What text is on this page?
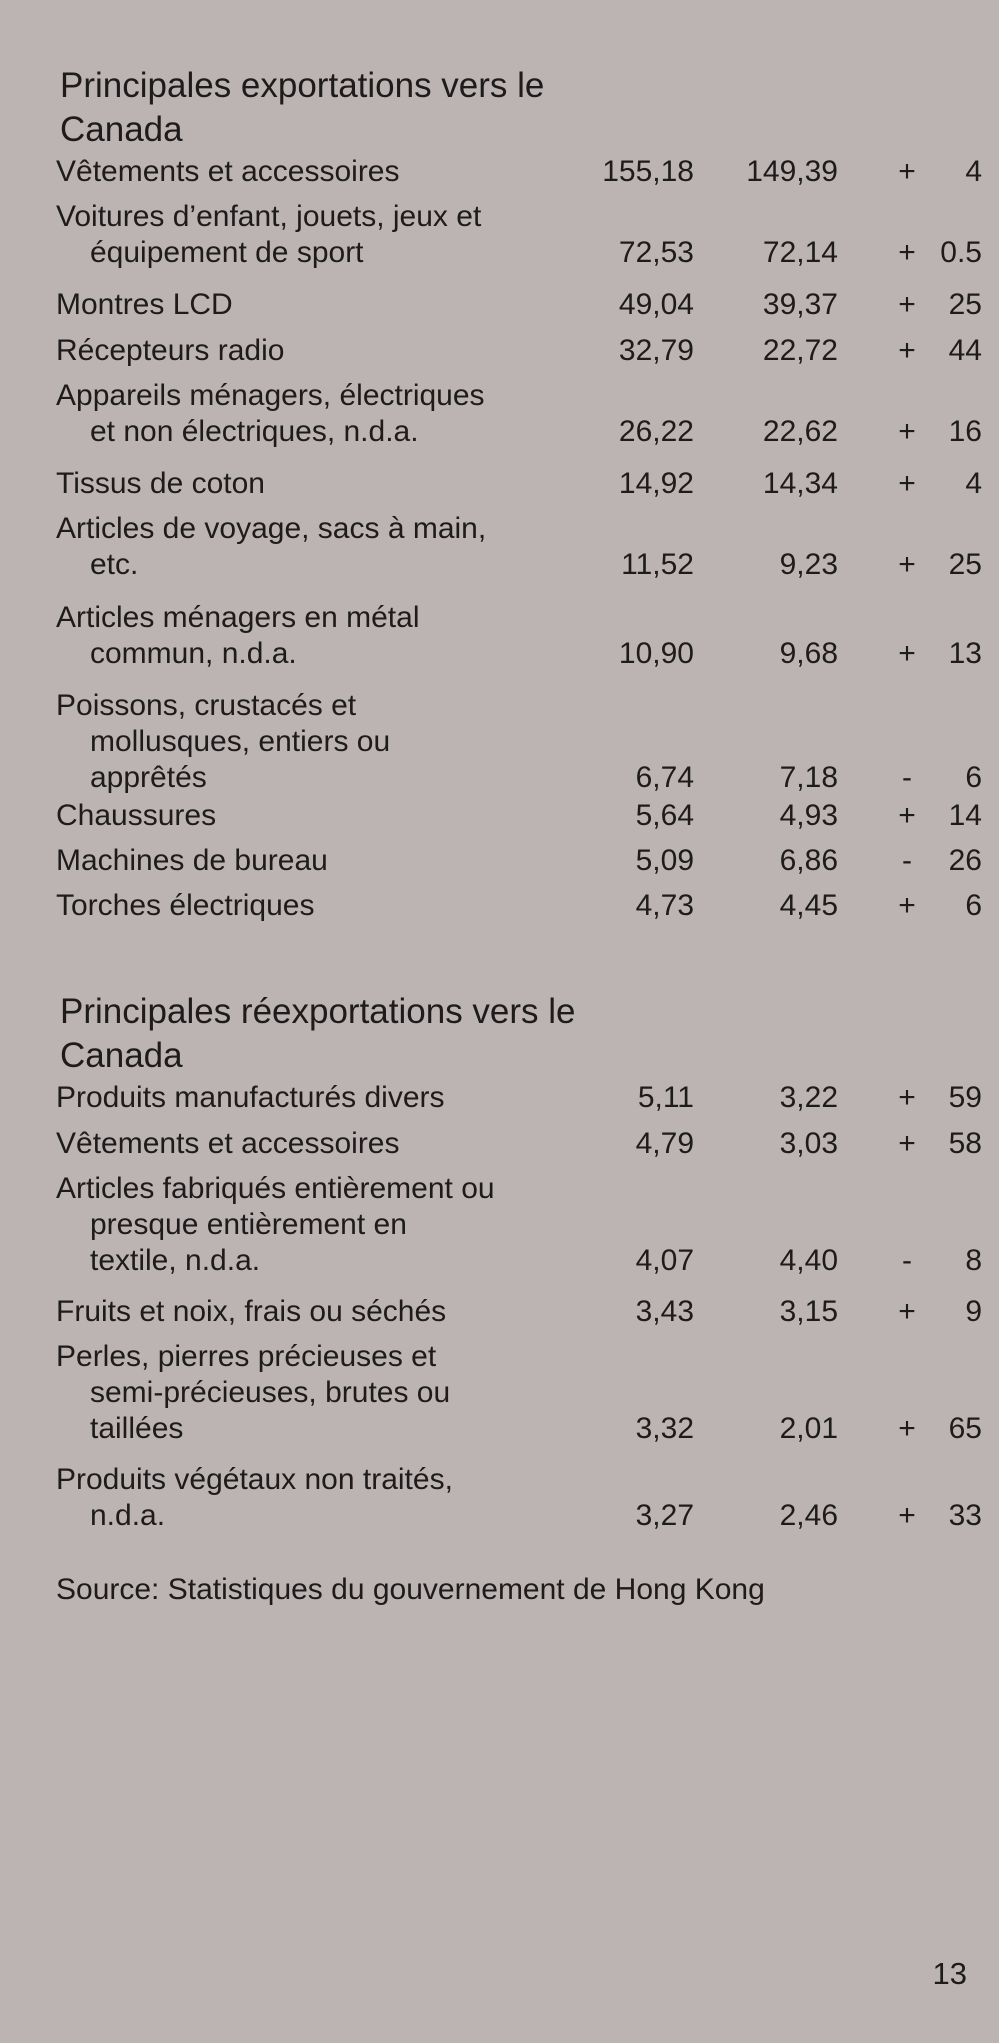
Principales exportations vers le Canada
Vêtements et accessoires	155,18 149,39 + 4
Voitures d’enfant, jouets, jeux et
équipement de sport	72,53 72,14 + 0.5
Montres LCD	49,04 39,37 + 25
Récepteurs radio	32,79 22,72 + 44
Appareils ménagers, électriques
et non électriques, n.d.a.	26,22 22,62 + 16
Tissus de coton	14,92 14,34 + 4
Articles de voyage, sacs à main,
etc.	11,52	9,23 + 25
Articles ménagers en métal
commun, n.d.a.	10,90	9,68 + 13
Poissons, crustacés et
mollusques, entiers ou
apprêtés	6,74	7,18	-	6
Chaussures	5,64	4,93 + 14
Machines de bureau	5,09	6,86	-	26
Torches électriques	4,73	4,45 + 6
Principales réexportations vers le Canada
Produits manufacturés divers	5,11	3,22 + 59
Vêtements et accessoires	4,79	3,03 + 58
Articles fabriqués entièrement ou
presque entièrement en
textile, n.d.a.	4,07	4,40	-	8
Fruits et noix, frais ou séchés	3,43	3,15 + 9
Perles, pierres précieuses et
semi-précieuses, brutes ou
taillées	3,32	2,01 + 65
Produits végétaux non traités,
n.d.a.	3,27	2,46 + 33
Source: Statistiques du gouvernement de Hong Kong
13
